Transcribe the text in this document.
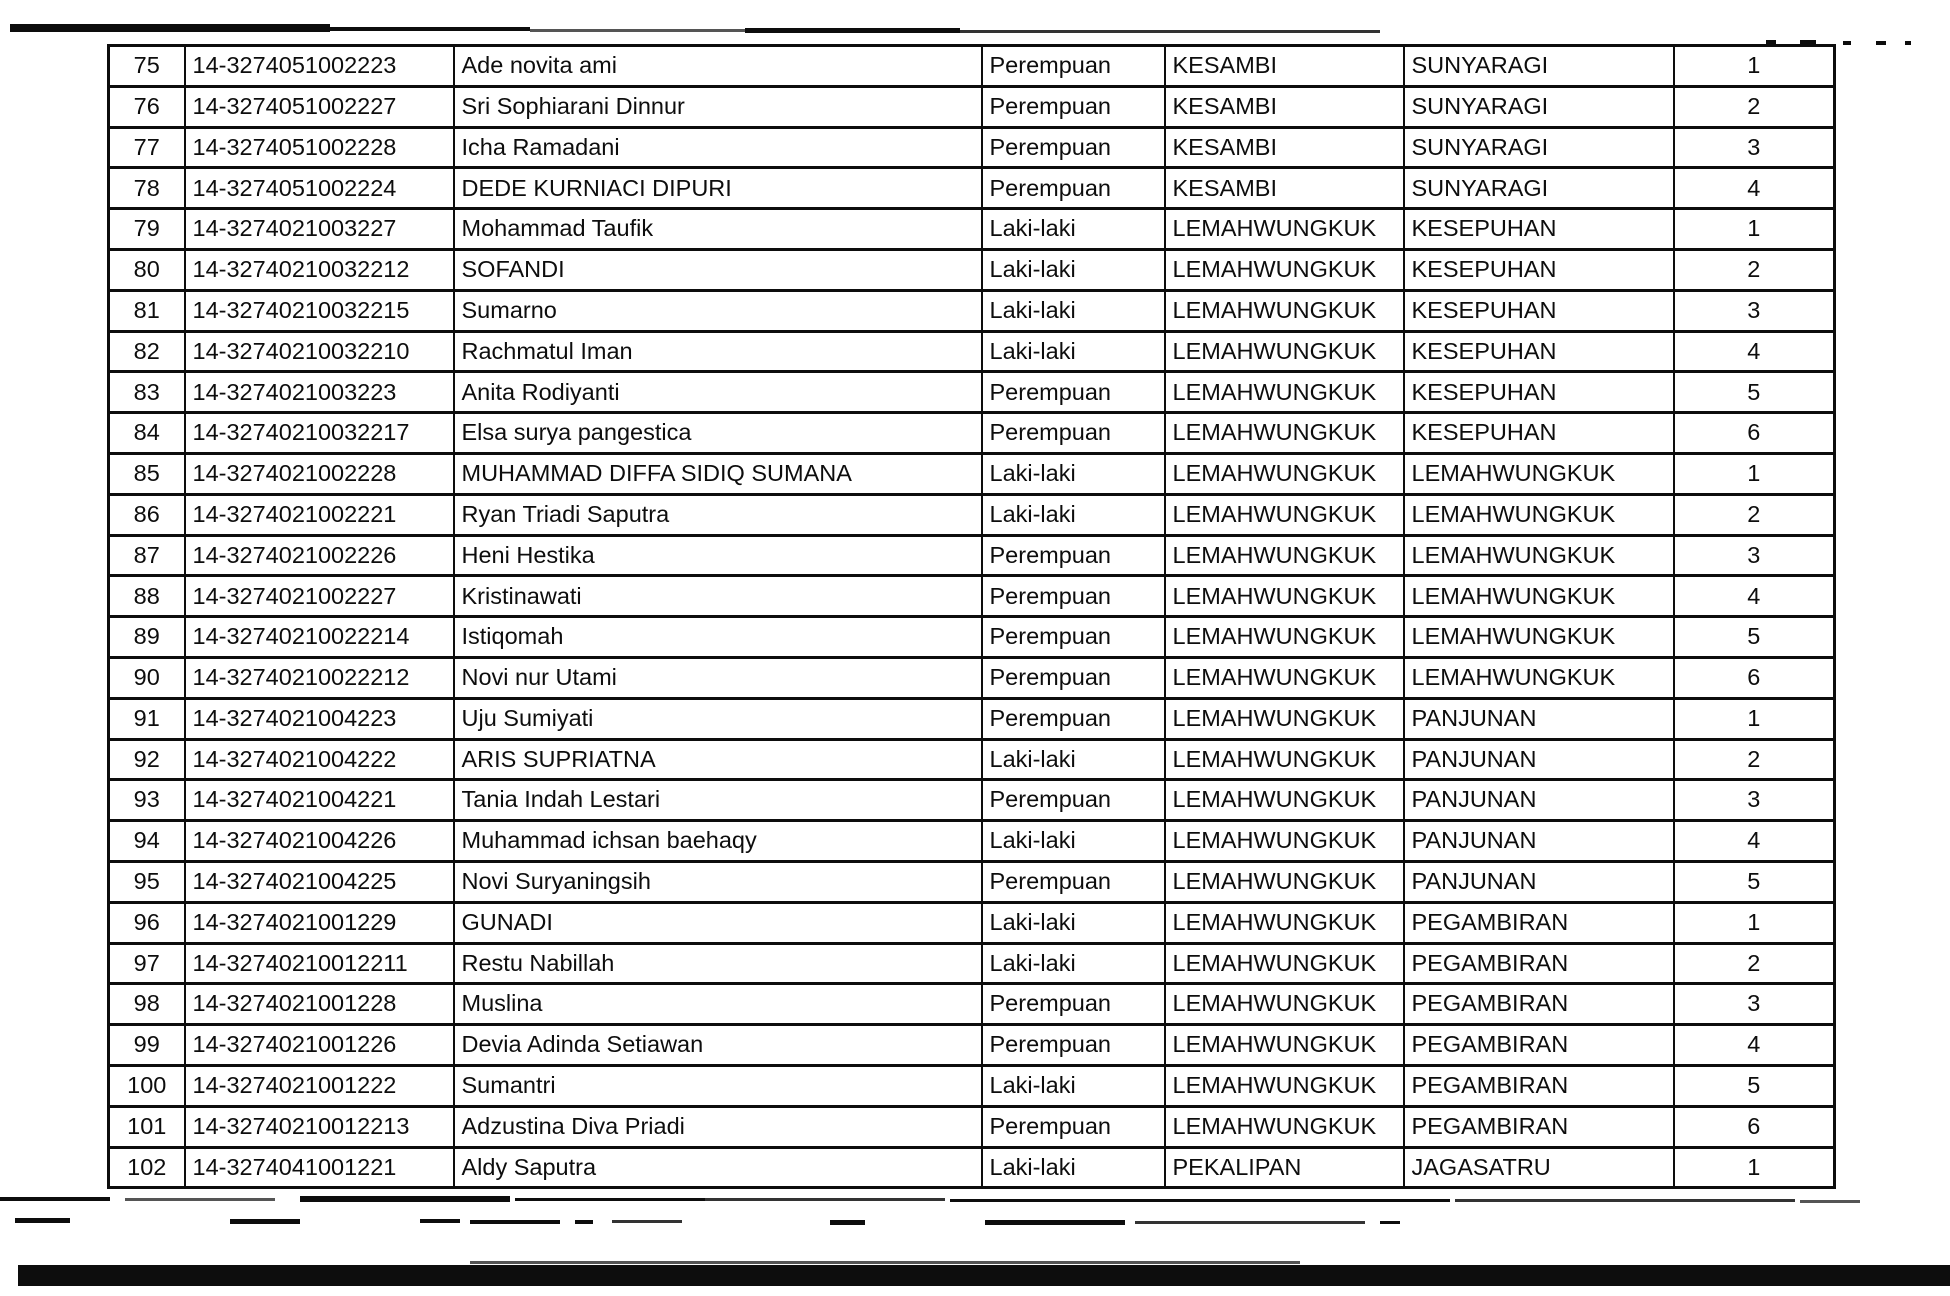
75	14-3274051002223	Ade novita ami	Perempuan	KESAMBI	SUNYARAGI	1
76	14-3274051002227	Sri Sophiarani Dinnur	Perempuan	KESAMBI	SUNYARAGI	2
77	14-3274051002228	Icha Ramadani	Perempuan	KESAMBI	SUNYARAGI	3
78	14-3274051002224	DEDE KURNIACI DIPURI	Perempuan	KESAMBI	SUNYARAGI	4
79	14-3274021003227	Mohammad Taufik	Laki-laki	LEMAHWUNGKUK	KESEPUHAN	1
80	14-32740210032212	SOFANDI	Laki-laki	LEMAHWUNGKUK	KESEPUHAN	2
81	14-32740210032215	Sumarno	Laki-laki	LEMAHWUNGKUK	KESEPUHAN	3
82	14-32740210032210	Rachmatul Iman	Laki-laki	LEMAHWUNGKUK	KESEPUHAN	4
83	14-3274021003223	Anita Rodiyanti	Perempuan	LEMAHWUNGKUK	KESEPUHAN	5
84	14-32740210032217	Elsa surya pangestica	Perempuan	LEMAHWUNGKUK	KESEPUHAN	6
85	14-3274021002228	MUHAMMAD DIFFA SIDIQ SUMANA	Laki-laki	LEMAHWUNGKUK	LEMAHWUNGKUK	1
86	14-3274021002221	Ryan Triadi Saputra	Laki-laki	LEMAHWUNGKUK	LEMAHWUNGKUK	2
87	14-3274021002226	Heni Hestika	Perempuan	LEMAHWUNGKUK	LEMAHWUNGKUK	3
88	14-3274021002227	Kristinawati	Perempuan	LEMAHWUNGKUK	LEMAHWUNGKUK	4
89	14-32740210022214	Istiqomah	Perempuan	LEMAHWUNGKUK	LEMAHWUNGKUK	5
90	14-32740210022212	Novi nur Utami	Perempuan	LEMAHWUNGKUK	LEMAHWUNGKUK	6
91	14-3274021004223	Uju Sumiyati	Perempuan	LEMAHWUNGKUK	PANJUNAN	1
92	14-3274021004222	ARIS SUPRIATNA	Laki-laki	LEMAHWUNGKUK	PANJUNAN	2
93	14-3274021004221	Tania Indah Lestari	Perempuan	LEMAHWUNGKUK	PANJUNAN	3
94	14-3274021004226	Muhammad ichsan baehaqy	Laki-laki	LEMAHWUNGKUK	PANJUNAN	4
95	14-3274021004225	Novi Suryaningsih	Perempuan	LEMAHWUNGKUK	PANJUNAN	5
96	14-3274021001229	GUNADI	Laki-laki	LEMAHWUNGKUK	PEGAMBIRAN	1
97	14-32740210012211	Restu Nabillah	Laki-laki	LEMAHWUNGKUK	PEGAMBIRAN	2
98	14-3274021001228	Muslina	Perempuan	LEMAHWUNGKUK	PEGAMBIRAN	3
99	14-3274021001226	Devia Adinda Setiawan	Perempuan	LEMAHWUNGKUK	PEGAMBIRAN	4
100	14-3274021001222	Sumantri	Laki-laki	LEMAHWUNGKUK	PEGAMBIRAN	5
101	14-32740210012213	Adzustina Diva Priadi	Perempuan	LEMAHWUNGKUK	PEGAMBIRAN	6
102	14-3274041001221	Aldy Saputra	Laki-laki	PEKALIPAN	JAGASATRU	1
